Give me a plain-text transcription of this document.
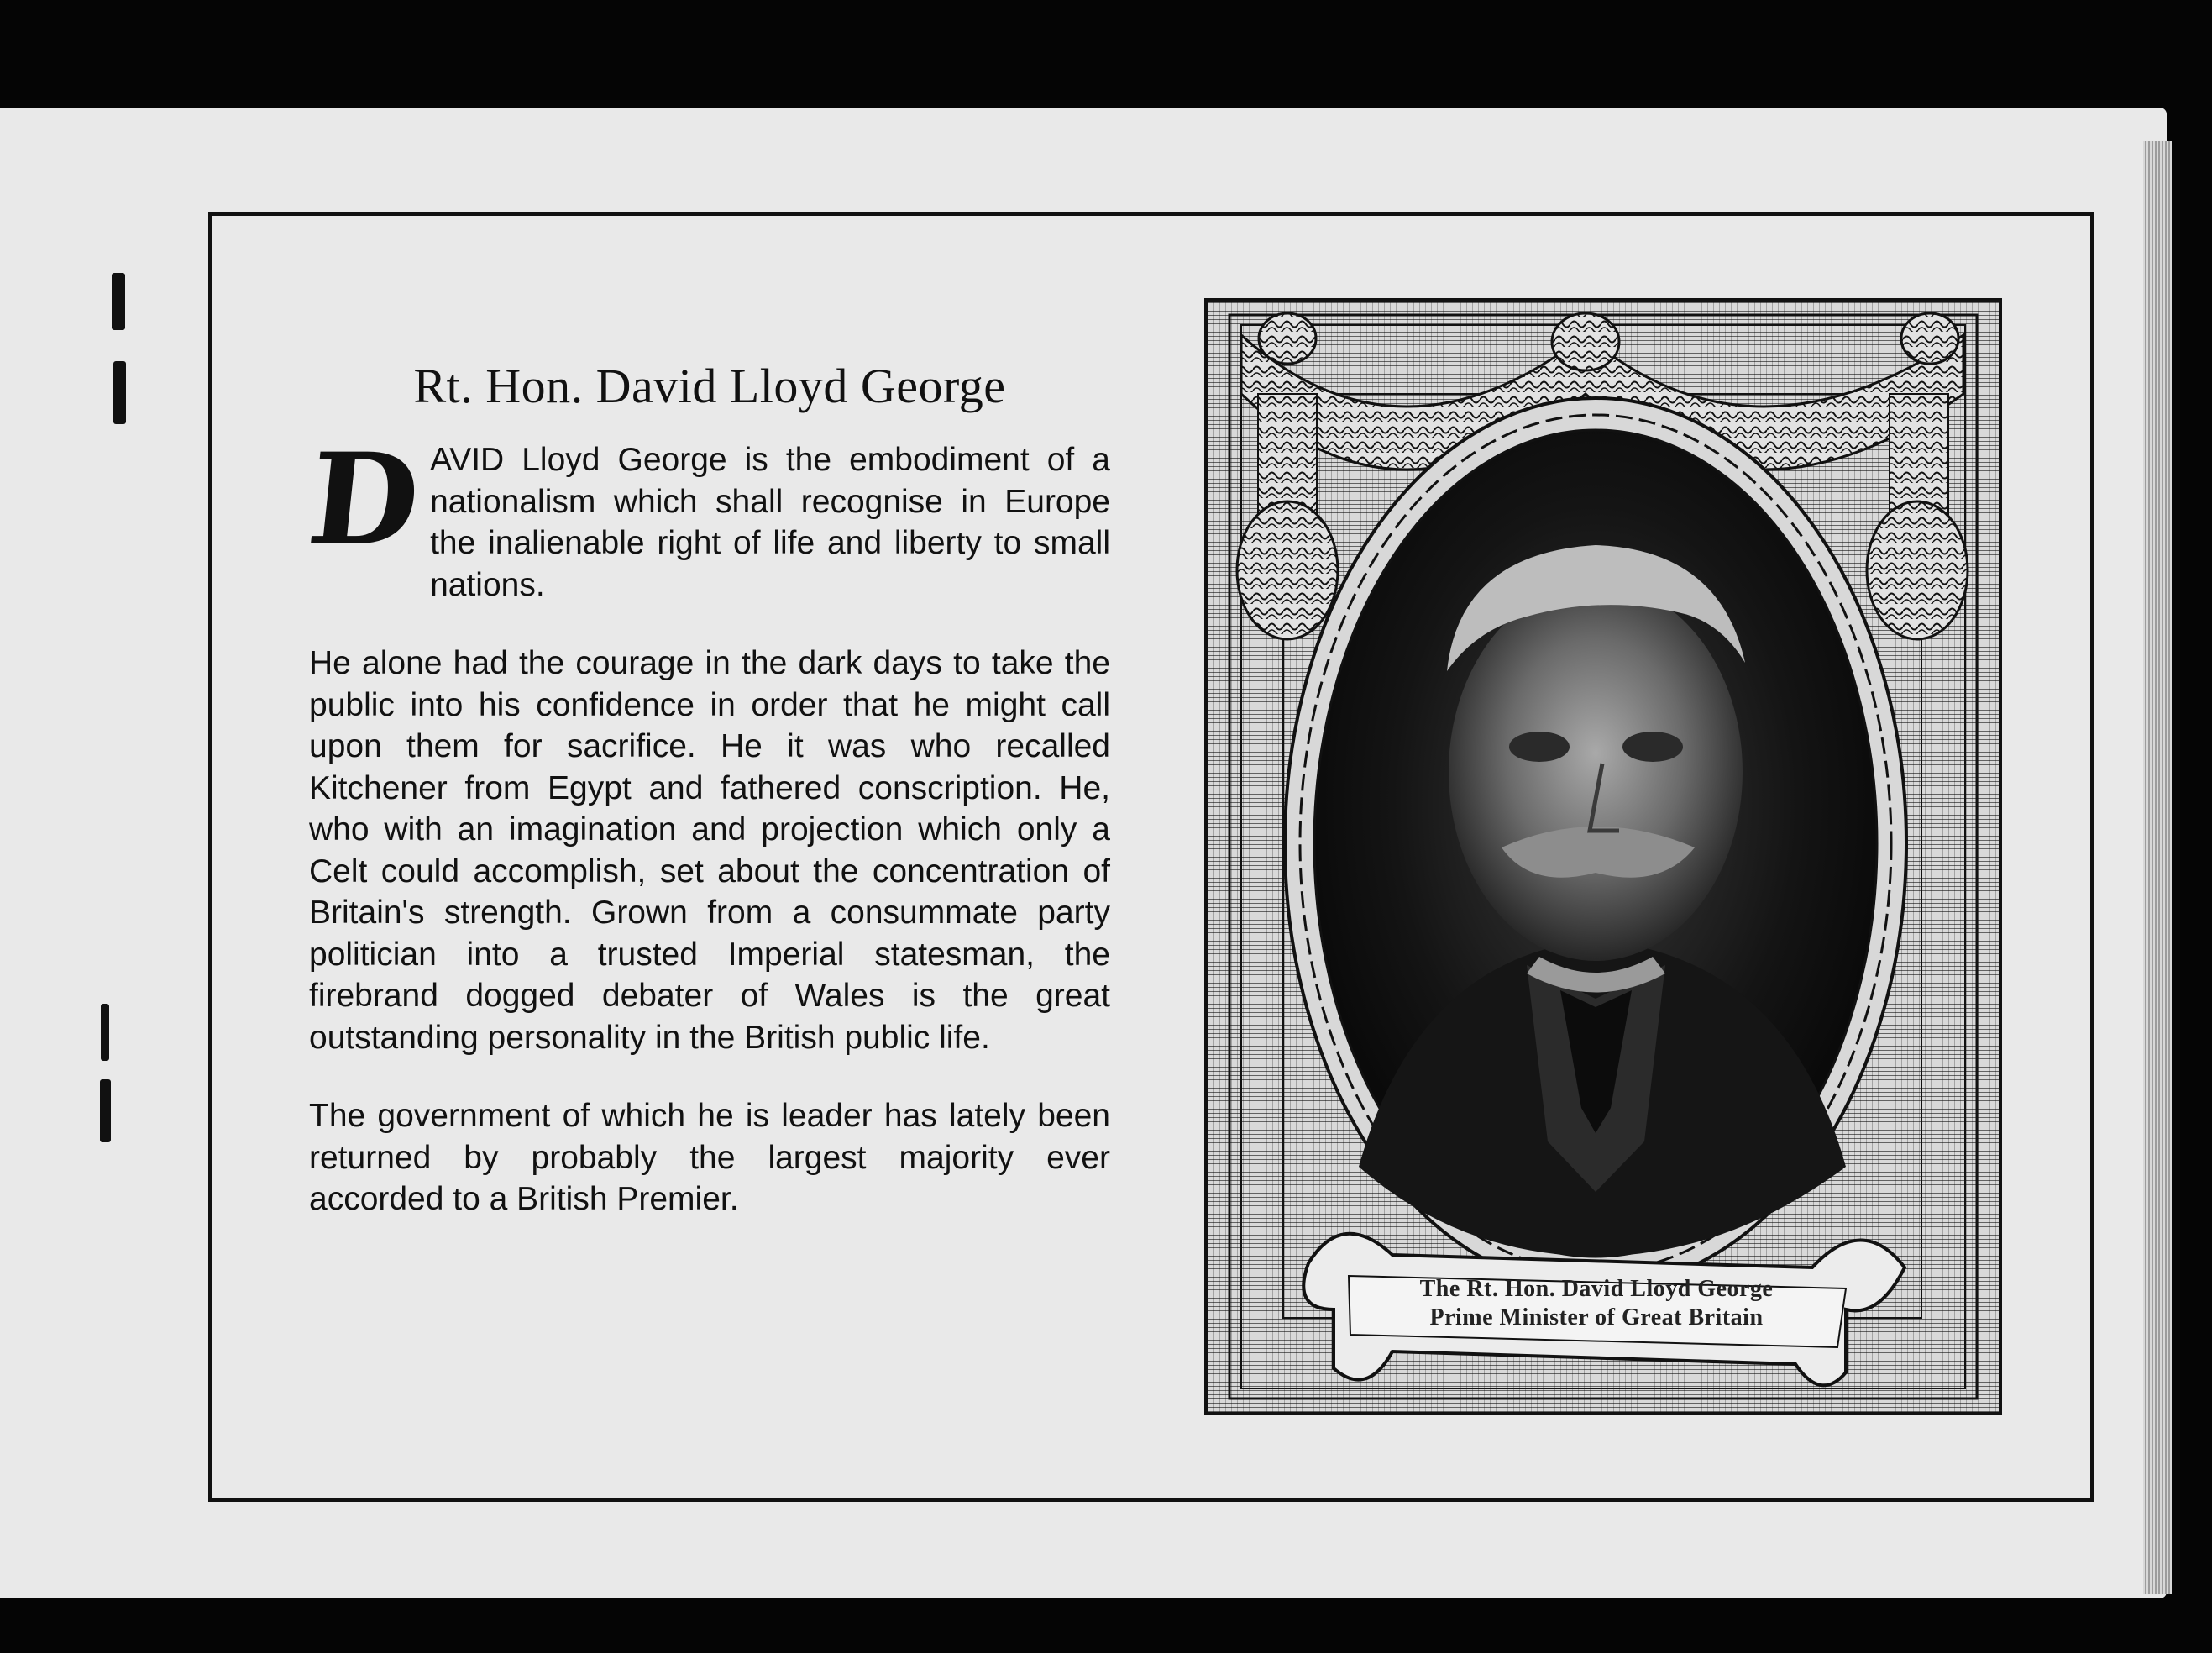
Rt. Hon. David Lloyd George

DAVID Lloyd George is the embodiment of a nationalism which shall recognise in Europe the inalienable right of life and liberty to small nations.

He alone had the courage in the dark days to take the public into his confidence in order that he might call upon them for sacrifice. He it was who recalled Kitchener from Egypt and fathered conscription. He, who with an imagination and projection which only a Celt could accomplish, set about the concentration of Britain's strength. Grown from a consummate party politician into a trusted Imperial statesman, the firebrand dogged debater of Wales is the great outstanding personality in the British public life.

The government of which he is leader has lately been returned by probably the largest majority ever accorded to a British Premier.

The Rt. Hon. David Lloyd George
Prime Minister of Great Britain
